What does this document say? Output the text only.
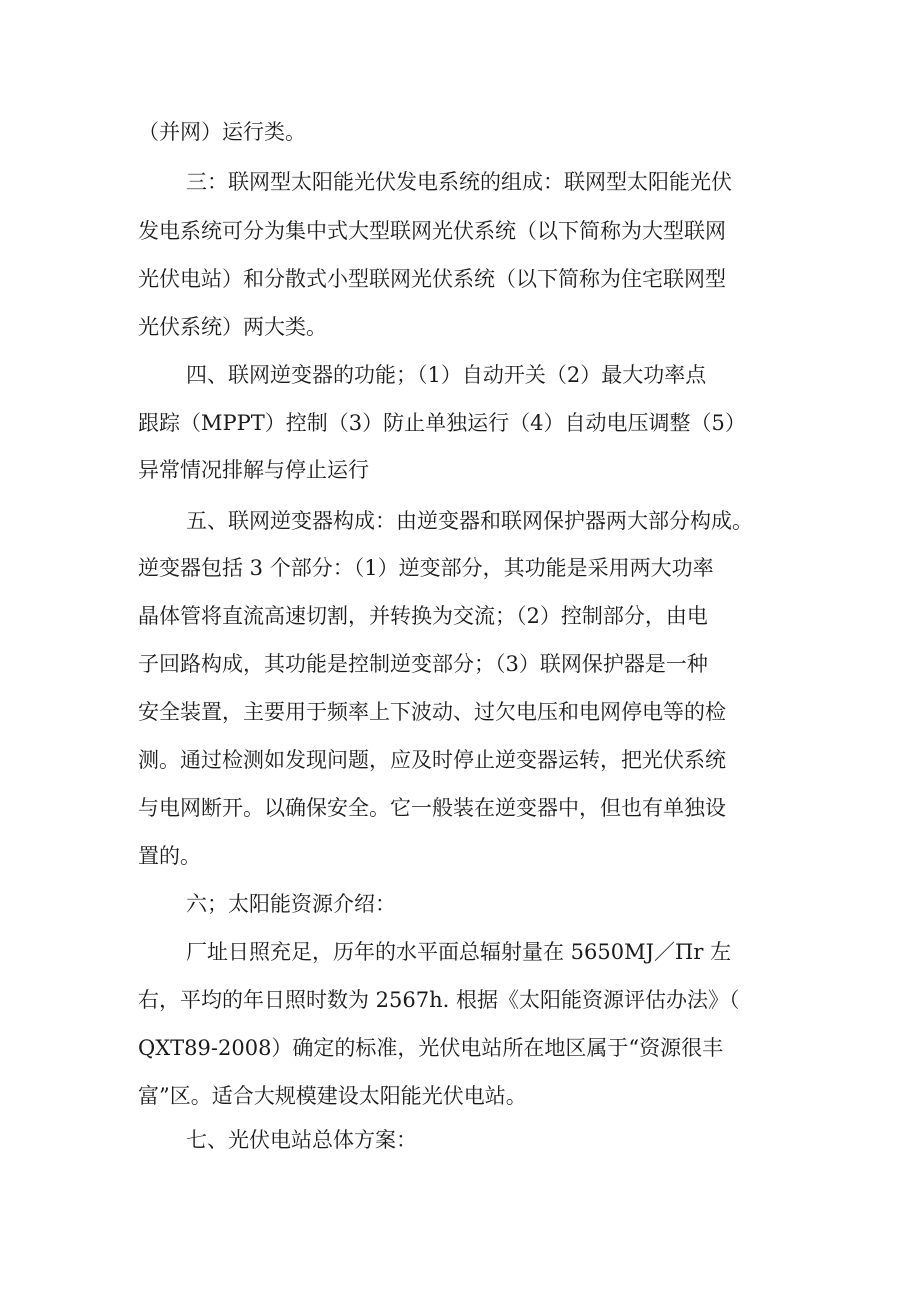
（并网）运行类。
三：联网型太阳能光伏发电系统的组成：联网型太阳能光伏
发电系统可分为集中式大型联网光伏系统（以下简称为大型联网
光伏电站）和分散式小型联网光伏系统（以下简称为住宅联网型
光伏系统）两大类。
四、联网逆变器的功能；（1）自动开关（2）最大功率点
跟踪（MPPT）控制（3）防止单独运行（4）自动电压调整（5）
异常情况排解与停止运行
五、联网逆变器构成：由逆变器和联网保护器两大部分构成。
逆变器包括 3 个部分：（1）逆变部分，其功能是采用两大功率
晶体管将直流高速切割，并转换为交流；（2）控制部分，由电
子回路构成，其功能是控制逆变部分；（3）联网保护器是一种
安全装置，主要用于频率上下波动、过欠电压和电网停电等的检
测。通过检测如发现问题，应及时停止逆变器运转，把光伏系统
与电网断开。以确保安全。它一般装在逆变器中，但也有单独设
置的。
六；太阳能资源介绍：
厂址日照充足，历年的水平面总辐射量在 5650MJ／Πr 左
右，平均的年日照时数为 2567h. 根据《太阳能资源评估办法》（
QXT89-2008）确定的标准，光伏电站所在地区属于“资源很丰
富”区。适合大规模建设太阳能光伏电站。
七、光伏电站总体方案：
